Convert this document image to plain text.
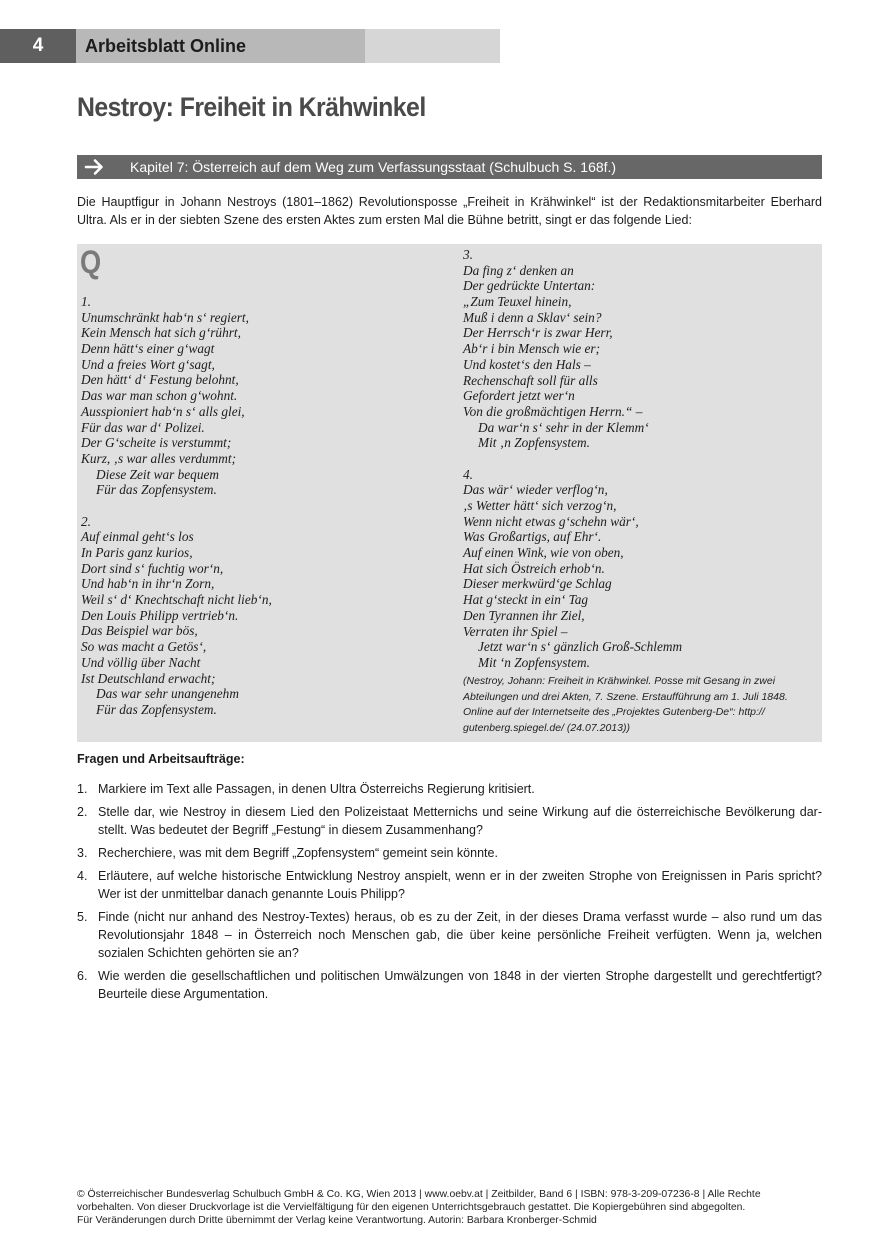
4	Arbeitsblatt Online
Nestroy: Freiheit in Krähwinkel
Kapitel 7: Österreich auf dem Weg zum Verfassungsstaat (Schulbuch S. 168f.)

Die Hauptfigur in Johann Nestroys (1801–1862) Revolutionsposse „Freiheit in Krähwinkel“ ist der Redaktionsmitarbeiter Eberhard Ultra. Als er in der siebten Szene des ersten Aktes zum ersten Mal die Bühne betritt, singt er das folgende Lied:

Q
1.
Unumschränkt hab‘n s‘ regiert,
Kein Mensch hat sich g‘rührt,
Denn hätt‘s einer g‘wagt
Und a freies Wort g‘sagt,
Den hätt‘ d‘ Festung belohnt,
Das war man schon g‘wohnt.
Ausspioniert hab‘n s‘ alls glei,
Für das war d‘ Polizei.
Der G‘scheite is verstummt;
Kurz, ‚s war alles verdummt;
Diese Zeit war bequem
Für das Zopfensystem.
2.
Auf einmal geht‘s los
In Paris ganz kurios,
Dort sind s‘ fuchtig wor‘n,
Und hab‘n in ihr‘n Zorn,
Weil s‘ d‘ Knechtschaft nicht lieb‘n,
Den Louis Philipp vertrieb‘n.
Das Beispiel war bös,
So was macht a Getös‘,
Und völlig über Nacht
Ist Deutschland erwacht;
Das war sehr unangenehm
Für das Zopfensystem.
3.
Da fing z‘ denken an
Der gedrückte Untertan:
„Zum Teuxel hinein,
Muß i denn a Sklav‘ sein?
Der Herrsch‘r is zwar Herr,
Ab‘r i bin Mensch wie er;
Und kostet‘s den Hals –
Rechenschaft soll für alls
Gefordert jetzt wer‘n
Von die großmächtigen Herrn.“ –
Da war‘n s‘ sehr in der Klemm‘
Mit ‚n Zopfensystem.
4.
Das wär‘ wieder verflog‘n,
‚s Wetter hätt‘ sich verzog‘n,
Wenn nicht etwas g‘schehn wär‘,
Was Großartigs, auf Ehr‘.
Auf einen Wink, wie von oben,
Hat sich Östreich erhob‘n.
Dieser merkwürd‘ge Schlag
Hat g‘steckt in ein‘ Tag
Den Tyrannen ihr Ziel,
Verraten ihr Spiel –
Jetzt war‘n s‘ gänzlich Groß-Schlemm
Mit ‘n Zopfensystem.
(Nestroy, Johann: Freiheit in Krähwinkel. Posse mit Gesang in zwei Abteilungen und drei Akten, 7. Szene. Erstaufführung am 1. Juli 1848. Online auf der Internetseite des „Projektes Gutenberg-De“: http:// gutenberg.spiegel.de/ (24.07.2013))
Fragen und Arbeitsaufträge:
1. Markiere im Text alle Passagen, in denen Ultra Österreichs Regierung kritisiert.
2. Stelle dar, wie Nestroy in diesem Lied den Polizeistaat Metternichs und seine Wirkung auf die österreichische Bevölkerung darstellt. Was bedeutet der Begriff „Festung“ in diesem Zusammenhang?
3. Recherchiere, was mit dem Begriff „Zopfensystem“ gemeint sein könnte.
4. Erläutere, auf welche historische Entwicklung Nestroy anspielt, wenn er in der zweiten Strophe von Ereignissen in Paris spricht? Wer ist der unmittelbar danach genannte Louis Philipp?
5. Finde (nicht nur anhand des Nestroy-Textes) heraus, ob es zu der Zeit, in der dieses Drama verfasst wurde – also rund um das Revolutionsjahr 1848 – in Österreich noch Menschen gab, die über keine persönliche Freiheit verfügten. Wenn ja, welchen sozialen Schichten gehörten sie an?
6. Wie werden die gesellschaftlichen und politischen Umwälzungen von 1848 in der vierten Strophe dargestellt und gerechtfertigt? Beurteile diese Argumentation.
© Österreichischer Bundesverlag Schulbuch GmbH & Co. KG, Wien 2013 | www.oebv.at | Zeitbilder, Band 6 | ISBN: 978-3-209-07236-8 | Alle Rechte
vorbehalten. Von dieser Druckvorlage ist die Vervielfältigung für den eigenen Unterrichtsgebrauch gestattet. Die Kopiergebühren sind abgegolten.
Für Veränderungen durch Dritte übernimmt der Verlag keine Verantwortung. Autorin: Barbara Kronberger-Schmid
